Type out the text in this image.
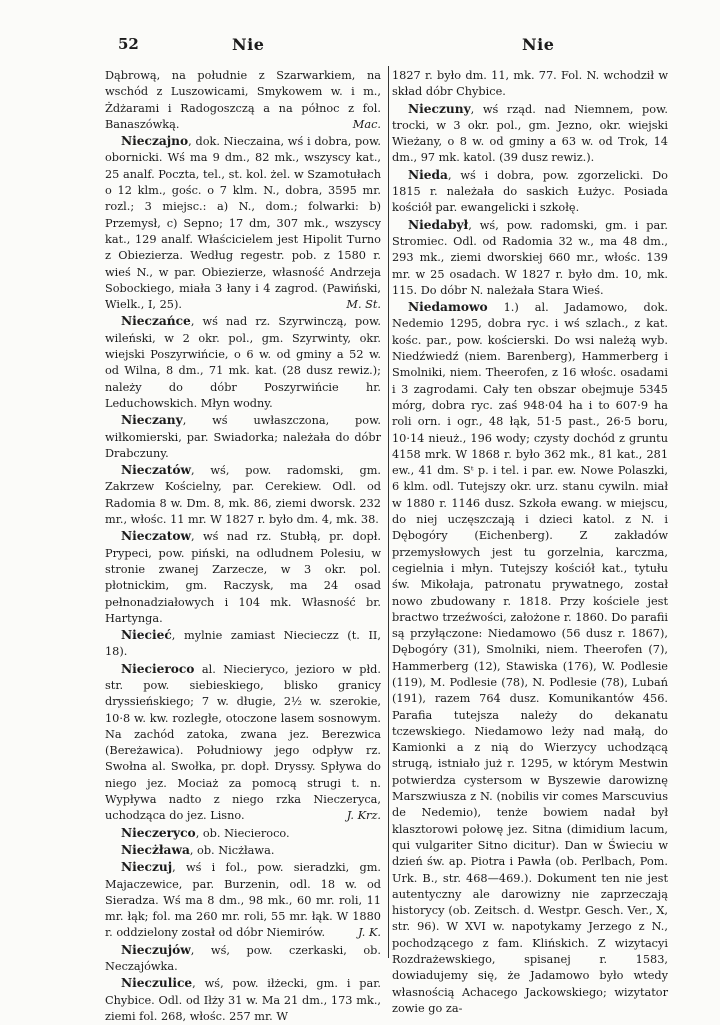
52	Nie	Nie

Dąbrową, na południe z Szarwarkiem, na wschód z Luszowicami, Smykowem w. i m., Żdżarami i Radogoszczą a na północ z fol. Banaszówką.	Mac.

Nieczajno, dok. Nieczaina, wś i dobra, pow. obornicki. Wś ma 9 dm., 82 mk., wszyscy kat., 25 analf. Poczta, tel., st. kol. żel. w Szamotułach o 12 klm., gośc. o 7 klm. N., dobra, 3595 mr. rozl.; 3 miejsc.: a) N., dom.; folwarki: b) Przemysł, c) Sepno; 17 dm, 307 mk., wszyscy kat., 129 analf. Właścicielem jest Hipolit Turno z Obiezierza. Według regestr. pob. z 1580 r. wieś N., w par. Obiezierze, własność Andrzeja Sobockiego, miała 3 łany i 4 zagrod. (Pawiński, Wielk., I, 25).	M. St.

Nieczańce, wś nad rz. Szyrwinczą, pow. wileński, w 2 okr. pol., gm. Szyrwinty, okr. wiejski Poszyrwińcie, o 6 w. od gminy a 52 w. od Wilna, 8 dm., 71 mk. kat. (28 dusz rewiz.); należy do dóbr Poszyrwińcie hr. Leduchowskich. Młyn wodny.

Nieczany, wś uwłaszczona, pow. wiłkomierski, par. Swiadorka; należała do dóbr Drabczuny.

Nieczatów, wś, pow. radomski, gm. Zakrzew Kościelny, par. Cerekiew. Odl. od Radomia 8 w. Dm. 8, mk. 86, ziemi dworsk. 232 mr., włośc. 11 mr. W 1827 r. było dm. 4, mk. 38.

Nieczatow, wś nad rz. Stubłą, pr. dopł. Prypeci, pow. piński, na odludnem Polesiu, w stronie zwanej Zarzecze, w 3 okr. pol. płotnickim, gm. Raczysk, ma 24 osad pełnonadziałowych i 104 mk. Własność br. Hartynga.

Niecieć, mylnie zamiast Niecieczz (t. II, 18).

Niecieroco al. Niecieryco, jezioro w płd. str. pow. siebieskiego, blisko granicy dryssieńskiego; 7 w. długie, 2½ w. szerokie, 10·8 w. kw. rozległe, otoczone lasem sosnowym. Na zachód zatoka, zwana jez. Berezwica (Bereżawica). Południowy jego odpływ rz. Swołna al. Swołka, pr. dopł. Dryssy. Spływa do niego jez. Mociaż za pomocą strugi t. n. Wypływa nadto z niego rzka Nieczeryca, uchodząca do jez. Lisno.	J. Krz.

Nieczeryco, ob. Niecieroco.

Niecżława, ob. Nicżława.

Nieczuj, wś i fol., pow. sieradzki, gm. Majaczewice, par. Burzenin, odl. 18 w. od Sieradza. Wś ma 8 dm., 98 mk., 60 mr. roli, 11 mr. łąk; fol. ma 260 mr. roli, 55 mr. łąk. W 1880 r. oddzielony został od dóbr Niemirów.	J. K.

Nieczujów, wś, pow. czerkaski, ob. Neczajówka.

Nieczulice, wś, pow. iłżecki, gm. i par. Chybice. Odl. od Iłży 31 w. Ma 21 dm., 173 mk., ziemi fol. 268, włośc. 257 mr. W

1827 r. było dm. 11, mk. 77. Fol. N. wchodził w skład dóbr Chybice.

Nieczuny, wś rząd. nad Niemnem, pow. trocki, w 3 okr. pol., gm. Jezno, okr. wiejski Wieżany, o 8 w. od gminy a 63 w. od Trok, 14 dm., 97 mk. katol. (39 dusz rewiz.).

Nieda, wś i dobra, pow. zgorzelicki. Do 1815 r. należała do saskich Łużyc. Posiada kościół par. ewangelicki i szkołę.

Niedabył, wś, pow. radomski, gm. i par. Stromiec. Odl. od Radomia 32 w., ma 48 dm., 293 mk., ziemi dworskiej 660 mr., włośc. 139 mr. w 25 osadach. W 1827 r. było dm. 10, mk. 115. Do dóbr N. należała Stara Wieś.

Niedamowo 1.) al. Jadamowo, dok. Nedemio 1295, dobra ryc. i wś szlach., z kat. kośc. par., pow. kościerski. Do wsi należą wyb. Niedźwiedź (niem. Barenberg), Hammerberg i Smolniki, niem. Theerofen, z 16 włośc. osadami i 3 zagrodami. Cały ten obszar obejmuje 5345 mórg, dobra ryc. zaś 948·04 ha i to 607·9 ha roli orn. i ogr., 48 łąk, 51·5 past., 26·5 boru, 10·14 nieuż., 196 wody; czysty dochód z gruntu 4158 mrk. W 1868 r. było 362 mk., 81 kat., 281 ew., 41 dm. Sᵗ p. i tel. i par. ew. Nowe Polaszki, 6 klm. odl. Tutejszy okr. urz. stanu cywiln. miał w 1880 r. 1146 dusz. Szkoła ewang. w miejscu, do niej uczęszczają i dzieci katol. z N. i Dębogóry (Eichenberg). Z zakładów przemysłowych jest tu gorzelnia, karczma, cegielnia i młyn. Tutejszy kościół kat., tytułu św. Mikołaja, patronatu prywatnego, został nowo zbudowany r. 1818. Przy kościele jest bractwo trzeźwości, założone r. 1860. Do parafii są przyłączone: Niedamowo (56 dusz r. 1867), Dębogóry (31), Smolniki, niem. Theerofen (7), Hammerberg (12), Stawiska (176), W. Podlesie (119), M. Podlesie (78), N. Podlesie (78), Lubań (191), razem 764 dusz. Komunikantów 456. Parafia tutejsza należy do dekanatu tczewskiego. Niedamowo leży nad małą, do Kamionki a z nią do Wierzycy uchodzącą strugą, istniało już r. 1295, w którym Mestwin potwierdza cystersom w Byszewie darowiznę Marszwiusza z N. (nobilis vir comes Marscuvius de Nedemio), tenże bowiem nadał był klasztorowi połowę jez. Sitna (dimidium lacum, qui vulgariter Sitno dicitur). Dan w Świeciu w dzień św. ap. Piotra i Pawła (ob. Perlbach, Pom. Urk. B., str. 468—469.). Dokument ten nie jest autentyczny ale darowizny nie zaprzeczają historycy (ob. Zeitsch. d. Westpr. Gesch. Ver., X, str. 96). W XVI w. napotykamy Jerzego z N., pochodzącego z fam. Klińskich. Z wizytacyi Rozdrażewskiego, spisanej r. 1583, dowiadujemy się, że Jadamowo było wtedy własnością Achacego Jackowskiego; wizytator zowie go za-
